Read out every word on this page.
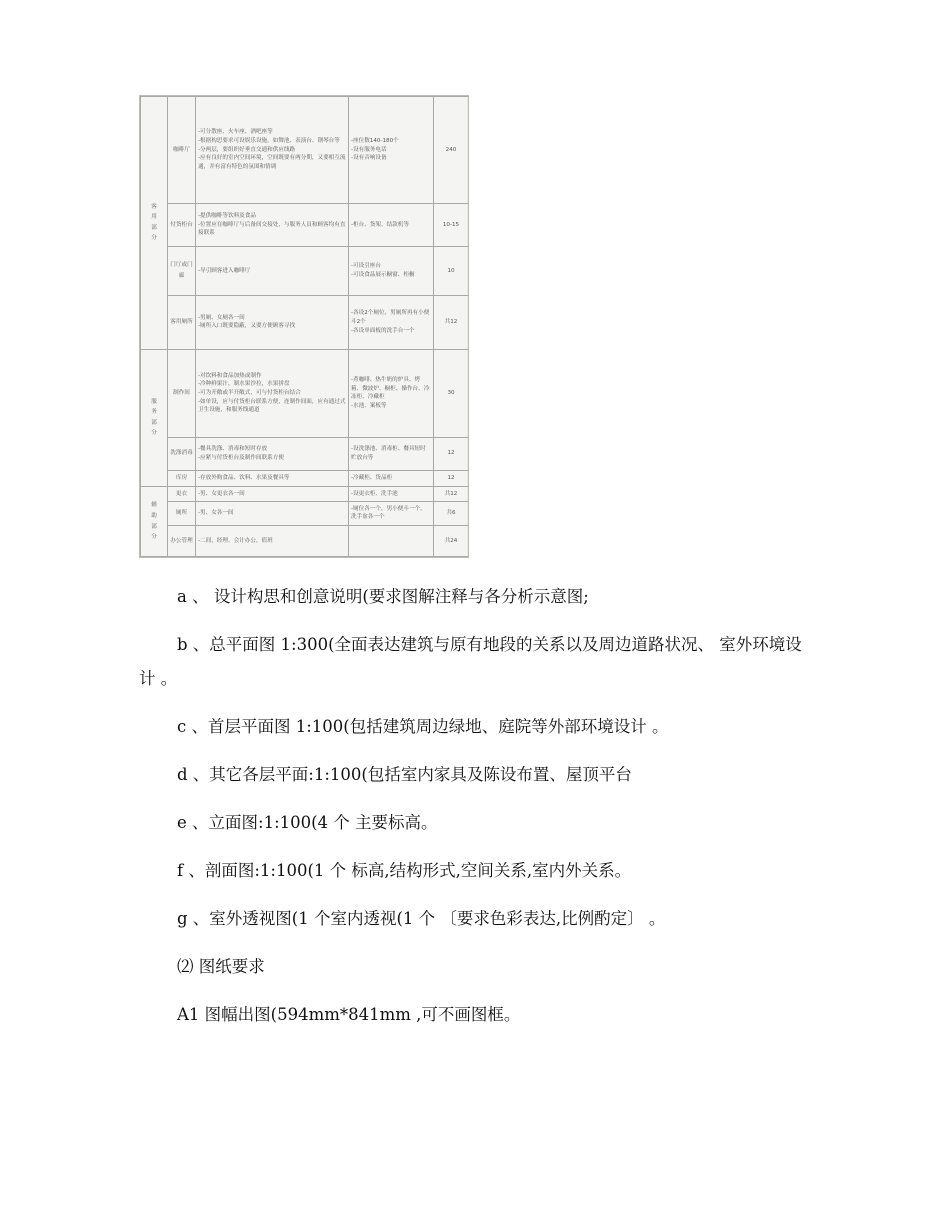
客用部分	咖啡厅	-可分散座、火车座、酒吧座等
-根据构思要求可设娱乐设施，如舞池、表演台、钢琴台等
-分两层，要组织好垂直交通和供应线路
-应有良好的室内空间环境，空间既要有两分期，又要相互流通，并有富有特色的氛围和情调	-座位数140-180个
-设有服务电话
-设有音响设备	240
	付货柜台	-提供咖啡等饮料及食品
-位置应在咖啡厅与后备间交接处，与服务人员和顾客均有直接联系	-柜台、货架、结款机等	10-15
	门厅或门廊	-导引顾客进入咖啡厅	-可设引座台
-可设食品展示橱窗、柜橱	10
	客用厕所	-男厕、女厕各一间
-厕所入口既要隐蔽，又要方便顾客寻找	-各设2个厕位，男厕所再有小便斗2个
-各设单面板的洗手台一个	共12
服务部分	制作间	-对饮料和食品加热或制作
-冷种鲜果汁，制水果沙拉，水果拼盘
-可为开敞或半开敞式，可与付货柜台结合
-如单设，应与付货柜台联系方便，连制作间面，应有通过式卫生设施，和服务线通道	-煮咖啡、热牛奶的炉具、烤箱、微波炉、橱柜、操作台、冷冻柜、冷藏柜
-水池、案板等	30
	洗涤消毒	-餐具洗涤、消毒和短时存放
-应紧与付货柜台及制作间联系方便	-设洗涤池、消毒柜、餐具短时贮放台等	12
	库房	-存放外购食品、饮料、水果及餐具等	-冷藏柜、货品柜	12
辅助部分	更衣	-男、女更衣各一间	-设更衣柜、洗手池	共12
	厕所	-男、女各一间	-厕位各一个，男小便斗一个，洗手盆各一个	共6
	办公管理	-二间，经理、会计办公，值班		共24

a 、 设计构思和创意说明(要求图解注释与各分析示意图;

b 、总平面图 1:300(全面表达建筑与原有地段的关系以及周边道路状况、 室外环境设 计 。

c 、首层平面图 1:100(包括建筑周边绿地、庭院等外部环境设计 。

d 、其它各层平面:1:100(包括室内家具及陈设布置、屋顶平台

e 、立面图:1:100(4 个 主要标高。

f 、剖面图:1:100(1 个 标高,结构形式,空间关系,室内外关系。

g 、室外透视图(1 个室内透视(1 个 〔要求色彩表达,比例酌定〕 。

⑵ 图纸要求

A1 图幅出图(594mm*841mm ,可不画图框。
